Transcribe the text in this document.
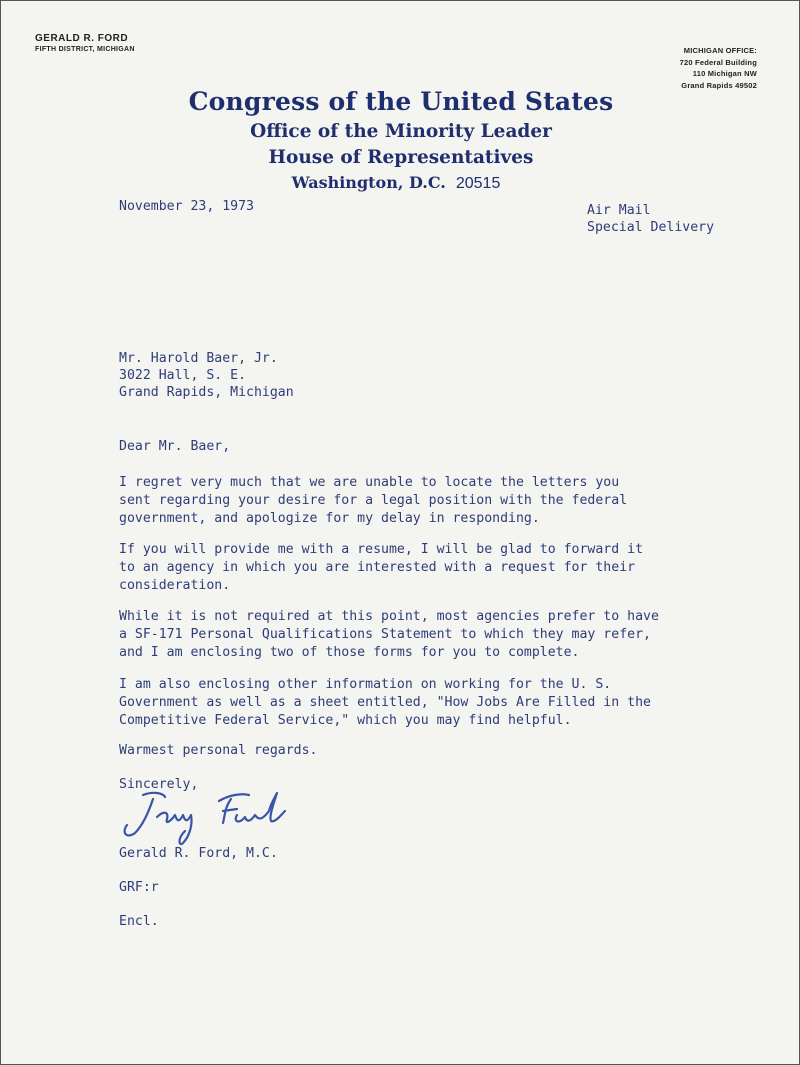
GERALD R. FORD
FIFTH DISTRICT, MICHIGAN	MICHIGAN OFFICE:
720 Federal Building
110 Michigan NW
Grand Rapids 49502
Congress of the United States
Office of the Minority Leader
House of Representatives
Washington, D.C. 20515
November 23, 1973	Air Mail
Special Delivery
Mr. Harold Baer, Jr.
3022 Hall, S. E.
Grand Rapids, Michigan
Dear Mr. Baer,
I regret very much that we are unable to locate the letters you
sent regarding your desire for a legal position with the federal
government, and apologize for my delay in responding.
If you will provide me with a resume, I will be glad to forward it
to an agency in which you are interested with a request for their
consideration.
While it is not required at this point, most agencies prefer to have
a SF-171 Personal Qualifications Statement to which they may refer,
and I am enclosing two of those forms for you to complete.
I am also enclosing other information on working for the U. S.
Government as well as a sheet entitled, "How Jobs Are Filled in the
Competitive Federal Service," which you may find helpful.
Warmest personal regards.
Sincerely,
Gerald R. Ford, M.C.
GRF:r
Encl.
